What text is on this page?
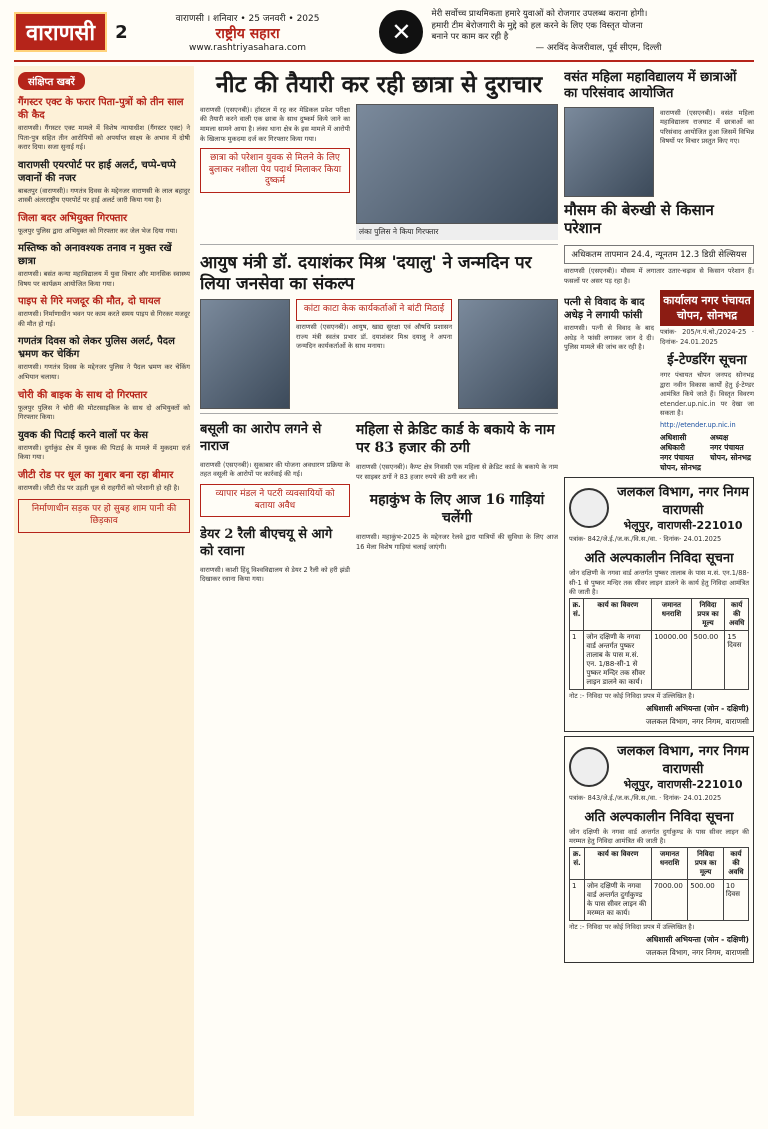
वाराणसी	2
वाराणसी । शनिवार • 25 जनवरी • 2025
राष्ट्रीय सहारा
www.rashtriyasahara.com
✕
मेरी सर्वोच्च प्राथमिकता हमारे युवाओं को रोजगार उपलब्ध कराना होगी। हमारी टीम बेरोजगारी के मुद्दे को हल करने के लिए एक विस्तृत योजना बनाने पर काम कर रही है
— अरविंद केजरीवाल, पूर्व सीएम, दिल्ली
संक्षिप्त खबरें
गैंगस्टर एक्ट के फरार पिता-पुत्रों को तीन साल की कैद
वाराणसी। गैंगस्टर एक्ट मामले में विशेष न्यायाधीश (गैंगस्टर एक्ट) ने पिता-पुत्र सहित तीन आरोपियों को अपर्याप्त साक्ष्य के अभाव में दोषी करार दिया। सजा सुनाई गई।
वाराणसी एयरपोर्ट पर हाई अलर्ट, चप्पे-चप्पे जवानों की नजर
बाबतपुर (वाराणसी)। गणतंत्र दिवस के मद्देनजर वाराणसी के लाल बहादुर शास्त्री अंतरराष्ट्रीय एयरपोर्ट पर हाई अलर्ट जारी किया गया है।
जिला बदर अभियुक्त गिरफ्तार
फूलपुर पुलिस द्वारा अभियुक्त को गिरफ्तार कर जेल भेज दिया गया।
मस्तिष्क को अनावश्यक तनाव न मुक्त रखें छात्रा
वाराणसी। बसंत कन्या महाविद्यालय में युवा विचार और मानसिक स्वास्थ्य विषय पर कार्यक्रम आयोजित किया गया।
पाइप से गिरे मजदूर की मौत, दो घायल
वाराणसी। निर्माणाधीन भवन पर काम करते समय पाइप से गिरकर मजदूर की मौत हो गई।
गणतंत्र दिवस को लेकर पुलिस अलर्ट, पैदल भ्रमण कर चेकिंग
वाराणसी। गणतंत्र दिवस के मद्देनजर पुलिस ने पैदल भ्रमण कर चेकिंग अभियान चलाया।
चोरी की बाइक के साथ दो गिरफ्तार
फूलपुर पुलिस ने चोरी की मोटरसाइकिल के साथ दो अभियुक्तों को गिरफ्तार किया।
युवक की पिटाई करने वालों पर केस
वाराणसी। दुर्गाकुंड क्षेत्र में युवक की पिटाई के मामले में मुकदमा दर्ज किया गया।
जीटी रोड पर धूल का गुबार बना रहा बीमार
वाराणसी। जीटी रोड पर उड़ती धूल से राहगीरों को परेशानी हो रही है।
निर्माणाधीन सड़क पर हो सुबह शाम पानी की छिड़काव
नीट की तैयारी कर रही छात्रा से दुराचार
वाराणसी (एसएनबी)। हॉस्टल में रह कर मेडिकल प्रवेश परीक्षा की तैयारी करने वाली एक छात्रा के साथ दुष्कर्म किये जाने का मामला सामने आया है। लंका थाना क्षेत्र के इस मामले में आरोपी के खिलाफ मुकदमा दर्ज कर गिरफ्तार किया गया।
छात्रा को परेशान युवक से मिलने के लिए बुलाकर नशीला पेय पदार्थ मिलाकर किया दुष्कर्म
लंका पुलिस ने किया गिरफ्तार
आयुष मंत्री डॉ. दयाशंकर मिश्र 'दयालु' ने जन्मदिन पर लिया जनसेवा का संकल्प
कांटा काटा केक कार्यकर्ताओं ने बांटी मिठाई
वाराणसी (एसएनबी)। आयुष, खाद्य सुरक्षा एवं औषधि प्रशासन राज्य मंत्री स्वतंत्र प्रभार डॉ. दयाशंकर मिश्र दयालु ने अपना जन्मदिन कार्यकर्ताओं के साथ मनाया।
बसूली का आरोप लगने से नाराज
वाराणसी (एसएनबी)। सुकाबार की योजना अवधारण प्रक्रिया के तहत वसूली के आरोपों पर कार्रवाई की गई।
व्यापार मंडल ने पटरी व्यवसायियों को बताया अवैध
डेयर 2 रैली बीएचयू से आगे को रवाना
वाराणसी। काशी हिंदू विश्वविद्यालय से डेयर 2 रैली को हरी झंडी दिखाकर रवाना किया गया।
महिला से क्रेडिट कार्ड के बकाये के नाम पर 83 हजार की ठगी
वाराणसी (एसएनबी)। कैण्ट क्षेत्र निवासी एक महिला से क्रेडिट कार्ड के बकाये के नाम पर साइबर ठगों ने 83 हजार रुपये की ठगी कर ली।
महाकुंभ के लिए आज 16 गाड़ियां चलेंगी
वाराणसी। महाकुंभ-2025 के मद्देनजर रेलवे द्वारा यात्रियों की सुविधा के लिए आज 16 मेला विशेष गाड़ियां चलाई जाएंगी।
वसंत महिला महाविद्यालय में छात्राओं का परिसंवाद आयोजित
वाराणसी (एसएनबी)। वसंत महिला महाविद्यालय राजघाट में छात्राओं का परिसंवाद आयोजित हुआ जिसमें विभिन्न विषयों पर विचार प्रस्तुत किए गए।
मौसम की बेरुखी से किसान परेशान
अधिकतम तापमान 24.4, न्यूनतम 12.3 डिग्री सेल्सियस
वाराणसी (एसएनबी)। मौसम में लगातार उतार-चढ़ाव से किसान परेशान हैं। फसलों पर असर पड़ रहा है।
पत्नी से विवाद के बाद अधेड़ ने लगायी फांसी
वाराणसी। पत्नी से विवाद के बाद अधेड़ ने फांसी लगाकर जान दे दी। पुलिस मामले की जांच कर रही है।
कार्यालय नगर पंचायत चोपन, सोनभद्र
पत्रांक- 205/न.पं.चो./2024-25 · दिनांक- 24.01.2025
ई-टेण्डरिंग सूचना
नगर पंचायत चोपन जनपद सोनभद्र द्वारा नवीन विकास कार्यों हेतु ई-टेण्डर आमंत्रित किये जाते हैं। विस्तृत विवरण etender.up.nic.in पर देखा जा सकता है।
http://etender.up.nic.in
अधिशासी अधिकारी
नगर पंचायत चोपन, सोनभद्र
अध्यक्ष
नगर पंचायत चोपन, सोनभद्र
जलकल विभाग, नगर निगम वाराणसी
भेलूपुर, वाराणसी-221010
पत्रांक- 842/जे.ई./ज.क./वि.स./वा. · दिनांक- 24.01.2025
अति अल्पकालीन निविदा सूचना
जोन दक्षिणी के नगवा वार्ड अन्तर्गत पुष्कर तालाब के पास म.सं. एन.1/88-सी-1 से पुष्कर मन्दिर तक सीवर लाइन डालने के कार्य हेतु निविदा आमंत्रित की जाती है।
क्र. सं.	कार्य का विवरण	जमानत धनराशि	निविदा प्रपत्र का मूल्य	कार्य की अवधि
1	जोन दक्षिणी के नगवा वार्ड अन्तर्गत पुष्कर तालाब के पास म.सं. एन. 1/88-सी-1 से पुष्कर मन्दिर तक सीवर लाइन डालने का कार्य।	10000.00	500.00	15 दिवस
नोट :- निविदा पर कोई निविदा प्रपत्र में उल्लिखित है।
अधिशासी अभियन्ता (जोन - दक्षिणी)
जलकल विभाग, नगर निगम, वाराणसी
जलकल विभाग, नगर निगम वाराणसी
भेलूपुर, वाराणसी-221010
पत्रांक- 843/जे.ई./ज.क./वि.स./वा. · दिनांक- 24.01.2025
अति अल्पकालीन निविदा सूचना
जोन दक्षिणी के नगवा वार्ड अन्तर्गत दुर्गाकुण्ड के पास सीवर लाइन की मरम्मत हेतु निविदा आमंत्रित की जाती है।
क्र. सं.	कार्य का विवरण	जमानत धनराशि	निविदा प्रपत्र का मूल्य	कार्य की अवधि
1	जोन दक्षिणी के नगवा वार्ड अन्तर्गत दुर्गाकुण्ड के पास सीवर लाइन की मरम्मत का कार्य।	7000.00	500.00	10 दिवस
नोट :- निविदा पर कोई निविदा प्रपत्र में उल्लिखित है।
अधिशासी अभियन्ता (जोन - दक्षिणी)
जलकल विभाग, नगर निगम, वाराणसी
